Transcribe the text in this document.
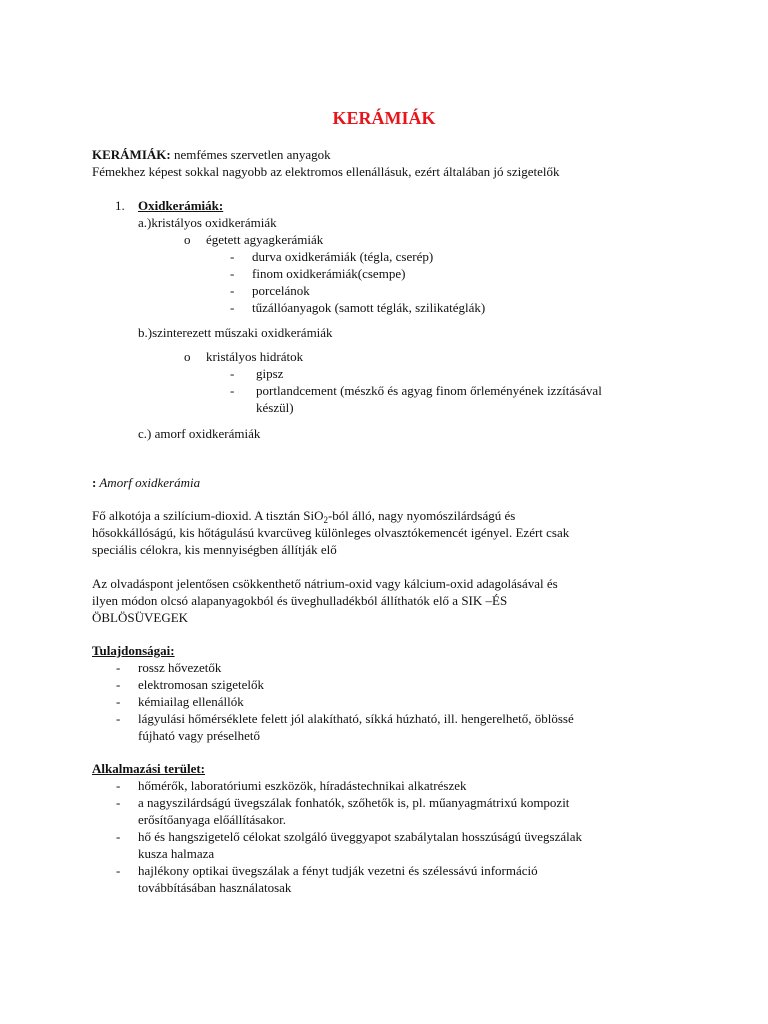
KERÁMIÁK
KERÁMIÁK: nemfémes szervetlen anyagok
Fémekhez képest sokkal nagyobb az elektromos ellenállásuk, ezért általában jó szigetelők
1. Oxidkerámiák:
a.)kristályos oxidkerámiák
o égetett agyagkerámiák
- durva oxidkerámiák (tégla, cserép)
- finom oxidkerámiák(csempe)
- porcelánok
- tűzállóanyagok (samott téglák, szilikatéglák)
b.)szinterezett műszaki oxidkerámiák
o kristályos hidrátok
- gipsz
- portlandcement (mészkő és agyag finom őrleményének izzításával
készül)
c.) amorf oxidkerámiák
: Amorf oxidkerámia
Fő alkotója a szilícium-dioxid. A tisztán SiO$_2$-ból álló, nagy nyomószilárdságú és
hősokkállóságú, kis hőtágulású kvarcüveg különleges olvasztókemencét igényel. Ezért csak
speciális célokra, kis mennyiségben állítják elő
Az olvadáspont jelentősen csökkenthető nátrium-oxid vagy kálcium-oxid adagolásával és
ilyen módon olcsó alapanyagokból és üveghulladékból állíthatók elő a SIK –ÉS
ÖBLÖSÜVEGEK
Tulajdonságai:
- rossz hővezetők
- elektromosan szigetelők
- kémiailag ellenállók
- lágyulási hőmérséklete felett jól alakítható, síkká húzható, ill. hengerelhető, öblössé
fújható vagy préselhető
Alkalmazási terület:
- hőmérők, laboratóriumi eszközök, híradástechnikai alkatrészek
- a nagyszilárdságú üvegszálak fonhatók, szőhetők is, pl. műanyagmátrixú kompozit
erősítőanyaga előállításakor.
- hő és hangszigetelő célokat szolgáló üveggyapot szabálytalan hosszúságú üvegszálak
kusza halmaza
- hajlékony optikai üvegszálak a fényt tudják vezetni és szélessávú információ
továbbításában használatosak
